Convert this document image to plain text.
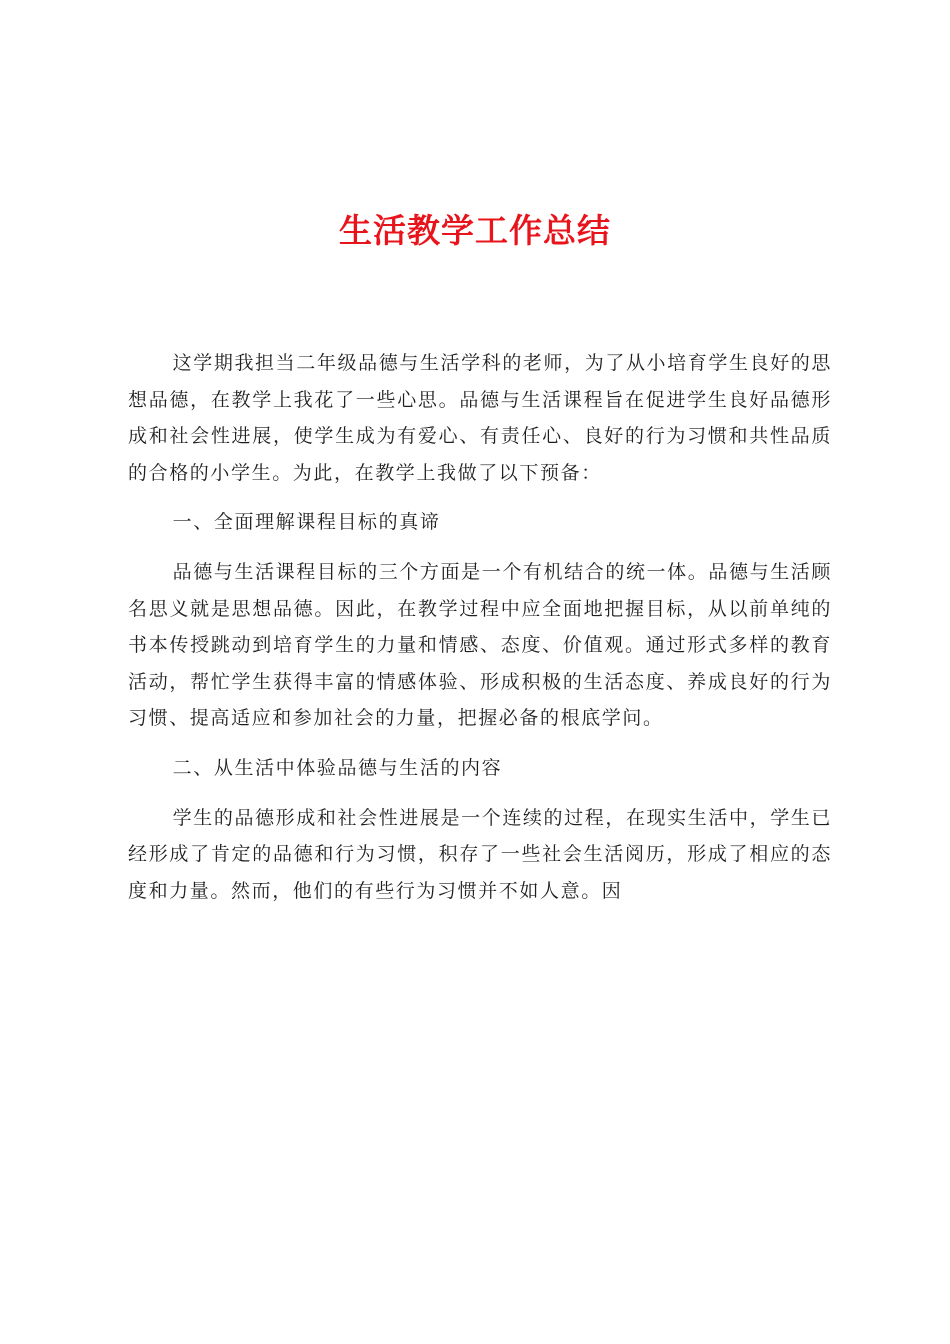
生活教学工作总结

这学期我担当二年级品德与生活学科的老师，为了从小培育学生良好的思想品德，在教学上我花了一些心思。品德与生活课程旨在促进学生良好品德形成和社会性进展，使学生成为有爱心、有责任心、良好的行为习惯和共性品质的合格的小学生。为此，在教学上我做了以下预备：

一、全面理解课程目标的真谛

品德与生活课程目标的三个方面是一个有机结合的统一体。品德与生活顾名思义就是思想品德。因此，在教学过程中应全面地把握目标，从以前单纯的书本传授跳动到培育学生的力量和情感、态度、价值观。通过形式多样的教育活动，帮忙学生获得丰富的情感体验、形成积极的生活态度、养成良好的行为习惯、提高适应和参加社会的力量，把握必备的根底学问。

二、从生活中体验品德与生活的内容

学生的品德形成和社会性进展是一个连续的过程，在现实生活中，学生已经形成了肯定的品德和行为习惯，积存了一些社会生活阅历，形成了相应的态度和力量。然而，他们的有些行为习惯并不如人意。因
